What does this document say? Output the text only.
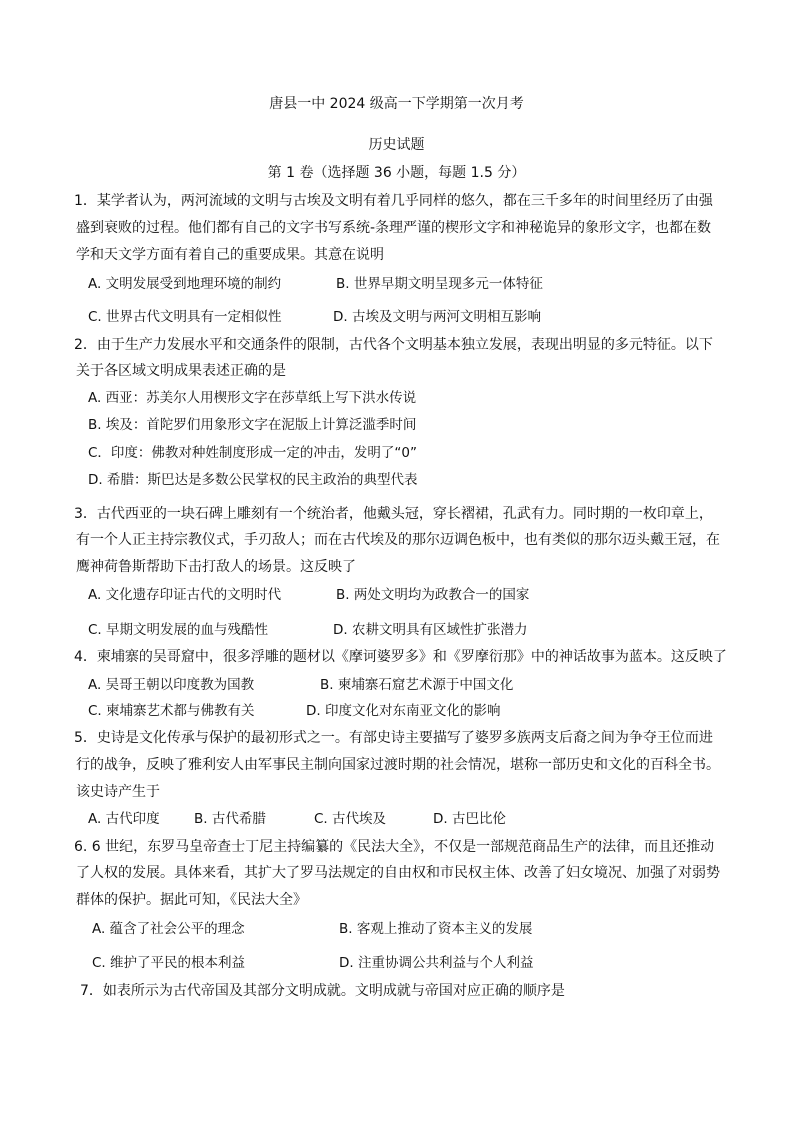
唐县一中 2024 级高一下学期第一次月考
历史试题
第 1 卷（选择题 36 小题，每题 1.5 分）
1．某学者认为，两河流域的文明与古埃及文明有着几乎同样的悠久，都在三千多年的时间里经历了由强
盛到衰败的过程。他们都有自己的文字书写系统-条理严谨的楔形文字和神秘诡异的象形文字，也都在数
学和天文学方面有着自己的重要成果。其意在说明
A. 文明发展受到地理环境的制约	B. 世界早期文明呈现多元一体特征
C. 世界古代文明具有一定相似性	D. 古埃及文明与两河文明相互影响
2．由于生产力发展水平和交通条件的限制，古代各个文明基本独立发展，表现出明显的多元特征。以下
关于各区域文明成果表述正确的是
A. 西亚：苏美尔人用楔形文字在莎草纸上写下洪水传说
B. 埃及：首陀罗们用象形文字在泥版上计算泛滥季时间
C．印度：佛教对种姓制度形成一定的冲击，发明了“0”
D. 希腊：斯巴达是多数公民掌权的民主政治的典型代表
3．古代西亚的一块石碑上雕刻有一个统治者，他戴头冠，穿长褶裙，孔武有力。同时期的一枚印章上，
有一个人正主持宗教仪式，手刃敌人；而在古代埃及的那尔迈调色板中，也有类似的那尔迈头戴王冠，在
鹰神荷鲁斯帮助下击打敌人的场景。这反映了
A. 文化遗存印证古代的文明时代	B. 两处文明均为政教合一的国家
C. 早期文明发展的血与残酷性	D. 农耕文明具有区域性扩张潜力
4．柬埔寨的吴哥窟中，很多浮雕的题材以《摩诃婆罗多》和《罗摩衍那》中的神话故事为蓝本。这反映了
A. 吴哥王朝以印度教为国教	B. 柬埔寨石窟艺术源于中国文化
C. 柬埔寨艺术都与佛教有关	D. 印度文化对东南亚文化的影响
5．史诗是文化传承与保护的最初形式之一。有部史诗主要描写了婆罗多族两支后裔之间为争夺王位而进
行的战争，反映了雅利安人由军事民主制向国家过渡时期的社会情况，堪称一部历史和文化的百科全书。
该史诗产生于
A. 古代印度	B. 古代希腊	C. 古代埃及	D. 古巴比伦
6. 6 世纪，东罗马皇帝查士丁尼主持编纂的《民法大全》，不仅是一部规范商品生产的法律，而且还推动
了人权的发展。具体来看，其扩大了罗马法规定的自由权和市民权主体、改善了妇女境况、加强了对弱势
群体的保护。据此可知，《民法大全》
A. 蕴含了社会公平的理念	B. 客观上推动了资本主义的发展
C. 维护了平民的根本利益	D. 注重协调公共利益与个人利益
7．如表所示为古代帝国及其部分文明成就。文明成就与帝国对应正确的顺序是
